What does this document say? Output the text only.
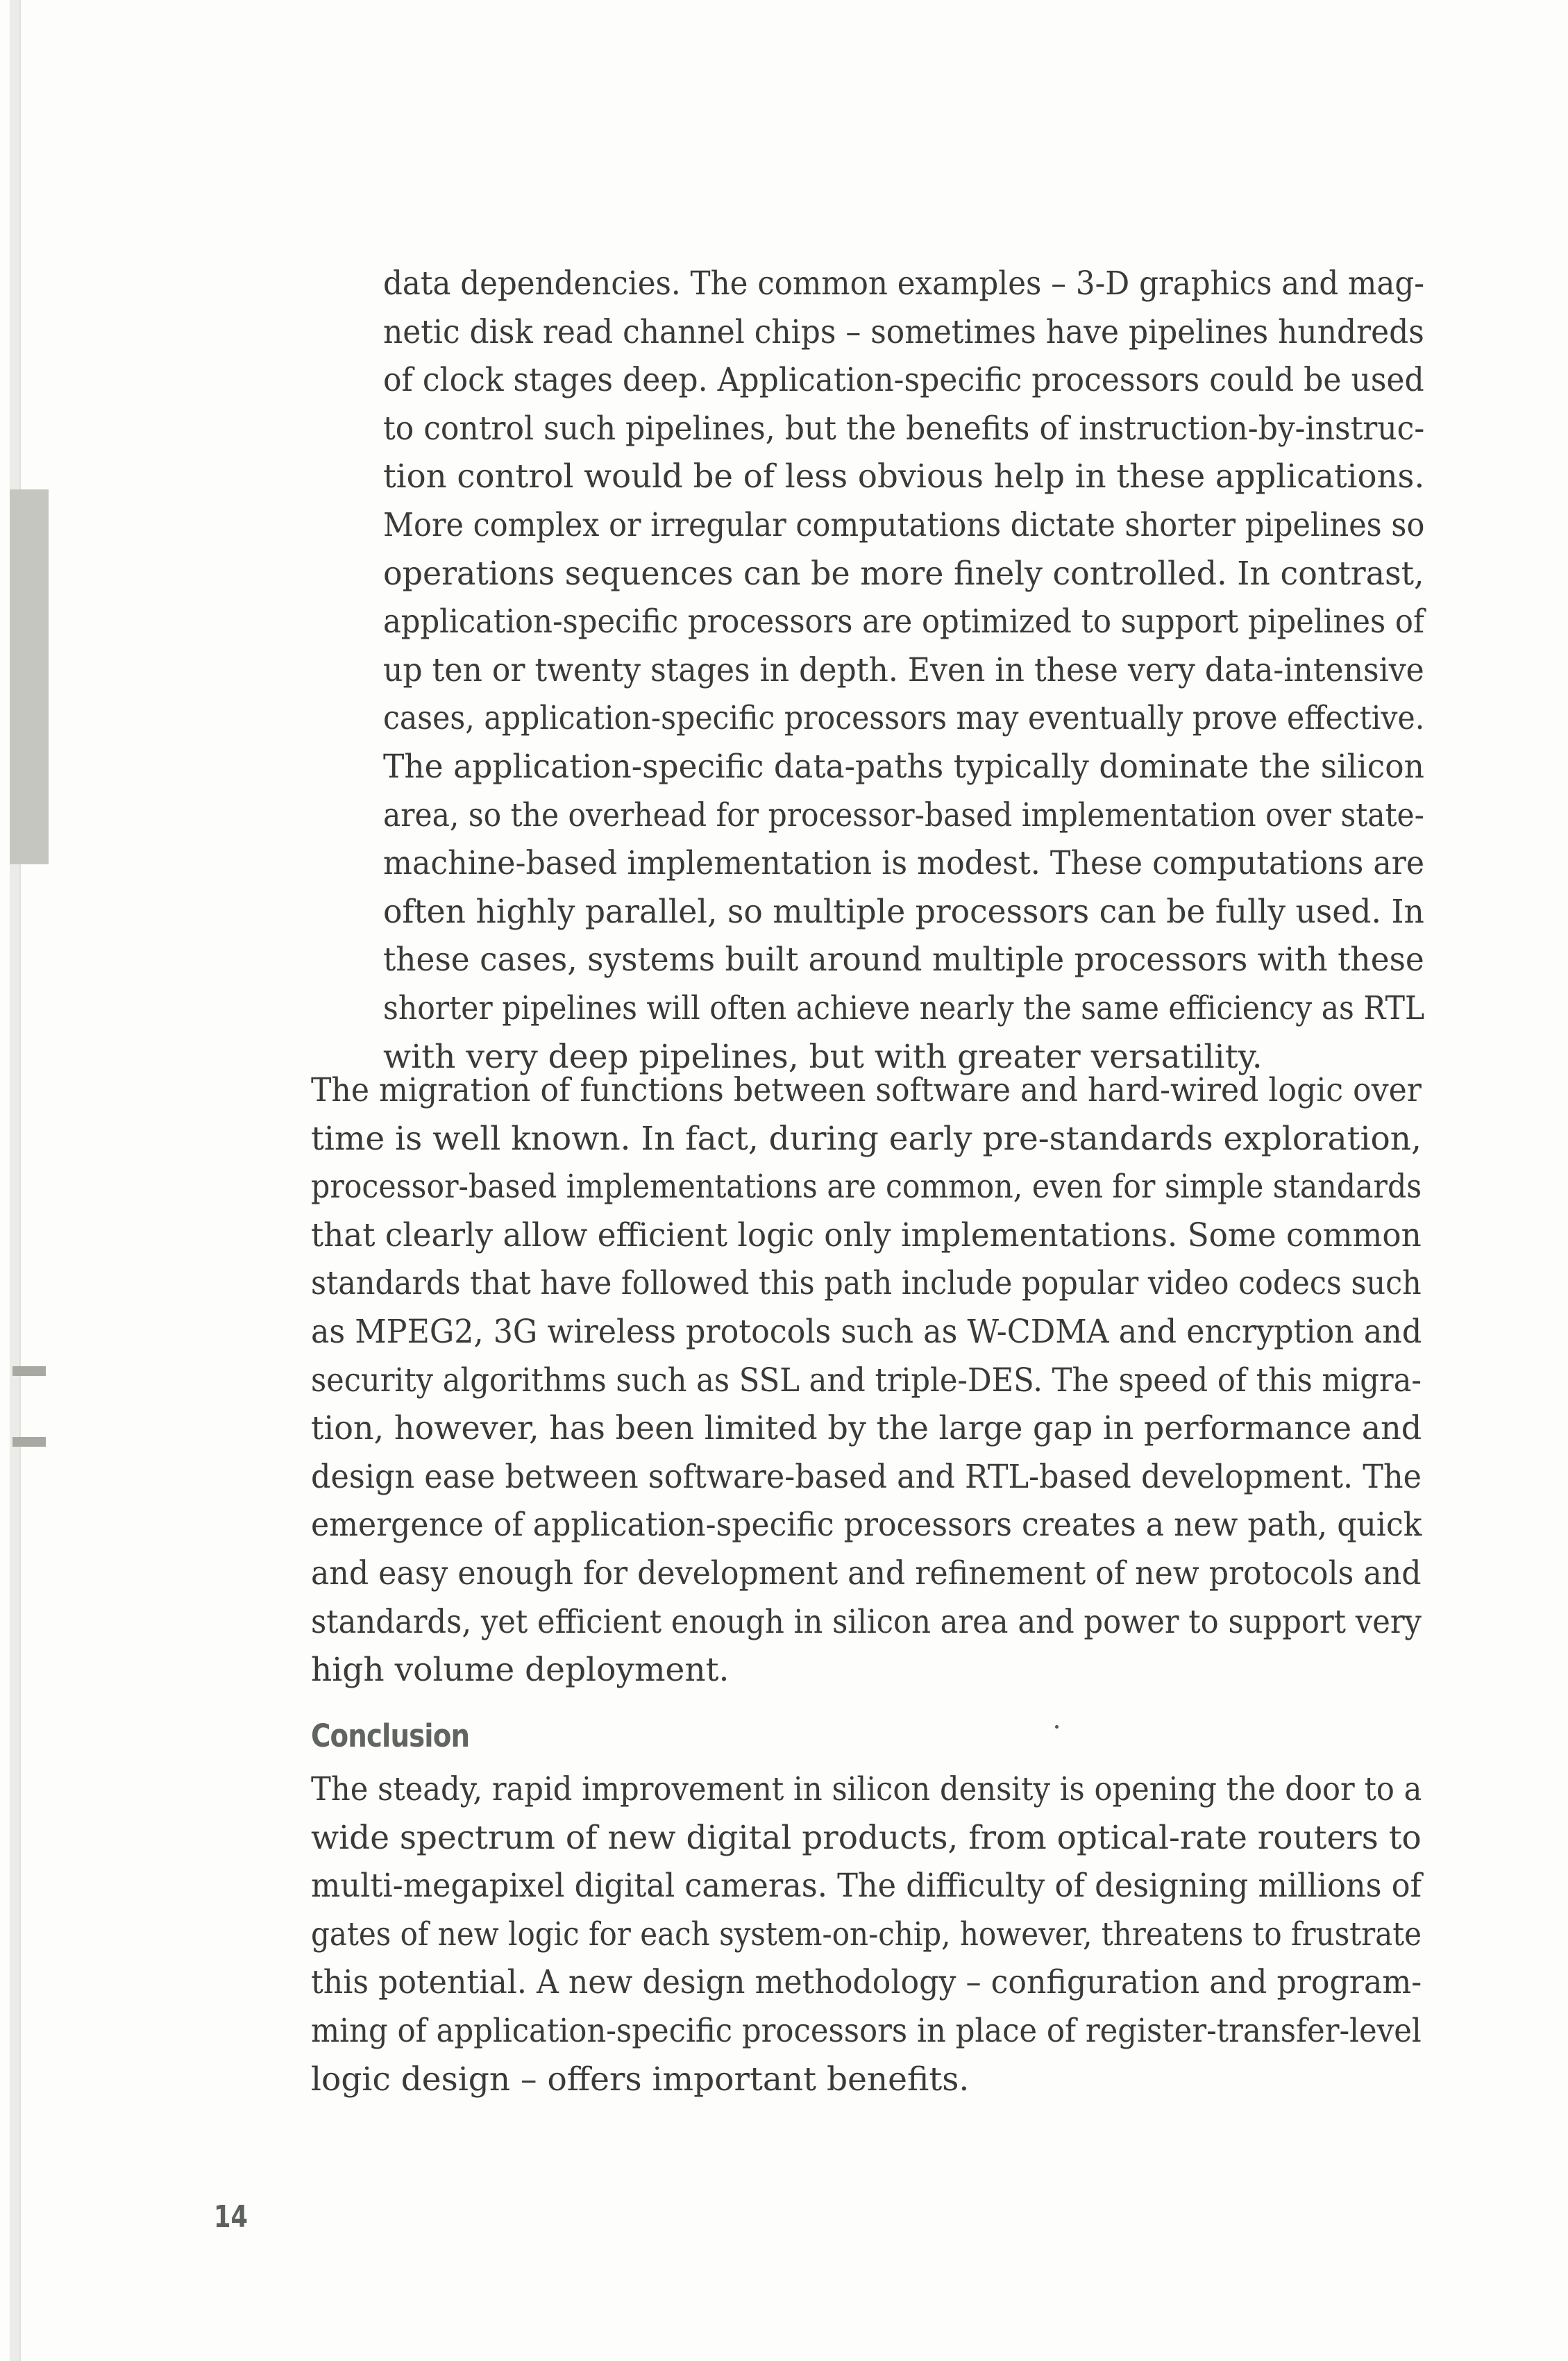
data dependencies. The common examples – 3-D graphics and mag-
netic disk read channel chips – sometimes have pipelines hundreds
of clock stages deep. Application-specific processors could be used
to control such pipelines, but the benefits of instruction-by-instruc-
tion control would be of less obvious help in these applications.
More complex or irregular computations dictate shorter pipelines so
operations sequences can be more finely controlled. In contrast,
application-specific processors are optimized to support pipelines of
up ten or twenty stages in depth. Even in these very data-intensive
cases, application-specific processors may eventually prove effective.
The application-specific data-paths typically dominate the silicon
area, so the overhead for processor-based implementation over state-
machine-based implementation is modest. These computations are
often highly parallel, so multiple processors can be fully used. In
these cases, systems built around multiple processors with these
shorter pipelines will often achieve nearly the same efficiency as RTL
with very deep pipelines, but with greater versatility.
The migration of functions between software and hard-wired logic over
time is well known. In fact, during early pre-standards exploration,
processor-based implementations are common, even for simple standards
that clearly allow efficient logic only implementations. Some common
standards that have followed this path include popular video codecs such
as MPEG2, 3G wireless protocols such as W-CDMA and encryption and
security algorithms such as SSL and triple-DES. The speed of this migra-
tion, however, has been limited by the large gap in performance and
design ease between software-based and RTL-based development. The
emergence of application-specific processors creates a new path, quick
and easy enough for development and refinement of new protocols and
standards, yet efficient enough in silicon area and power to support very
high volume deployment.
Conclusion
The steady, rapid improvement in silicon density is opening the door to a
wide spectrum of new digital products, from optical-rate routers to
multi-megapixel digital cameras. The difficulty of designing millions of
gates of new logic for each system-on-chip, however, threatens to frustrate
this potential. A new design methodology – configuration and program-
ming of application-specific processors in place of register-transfer-level
logic design – offers important benefits.
14
